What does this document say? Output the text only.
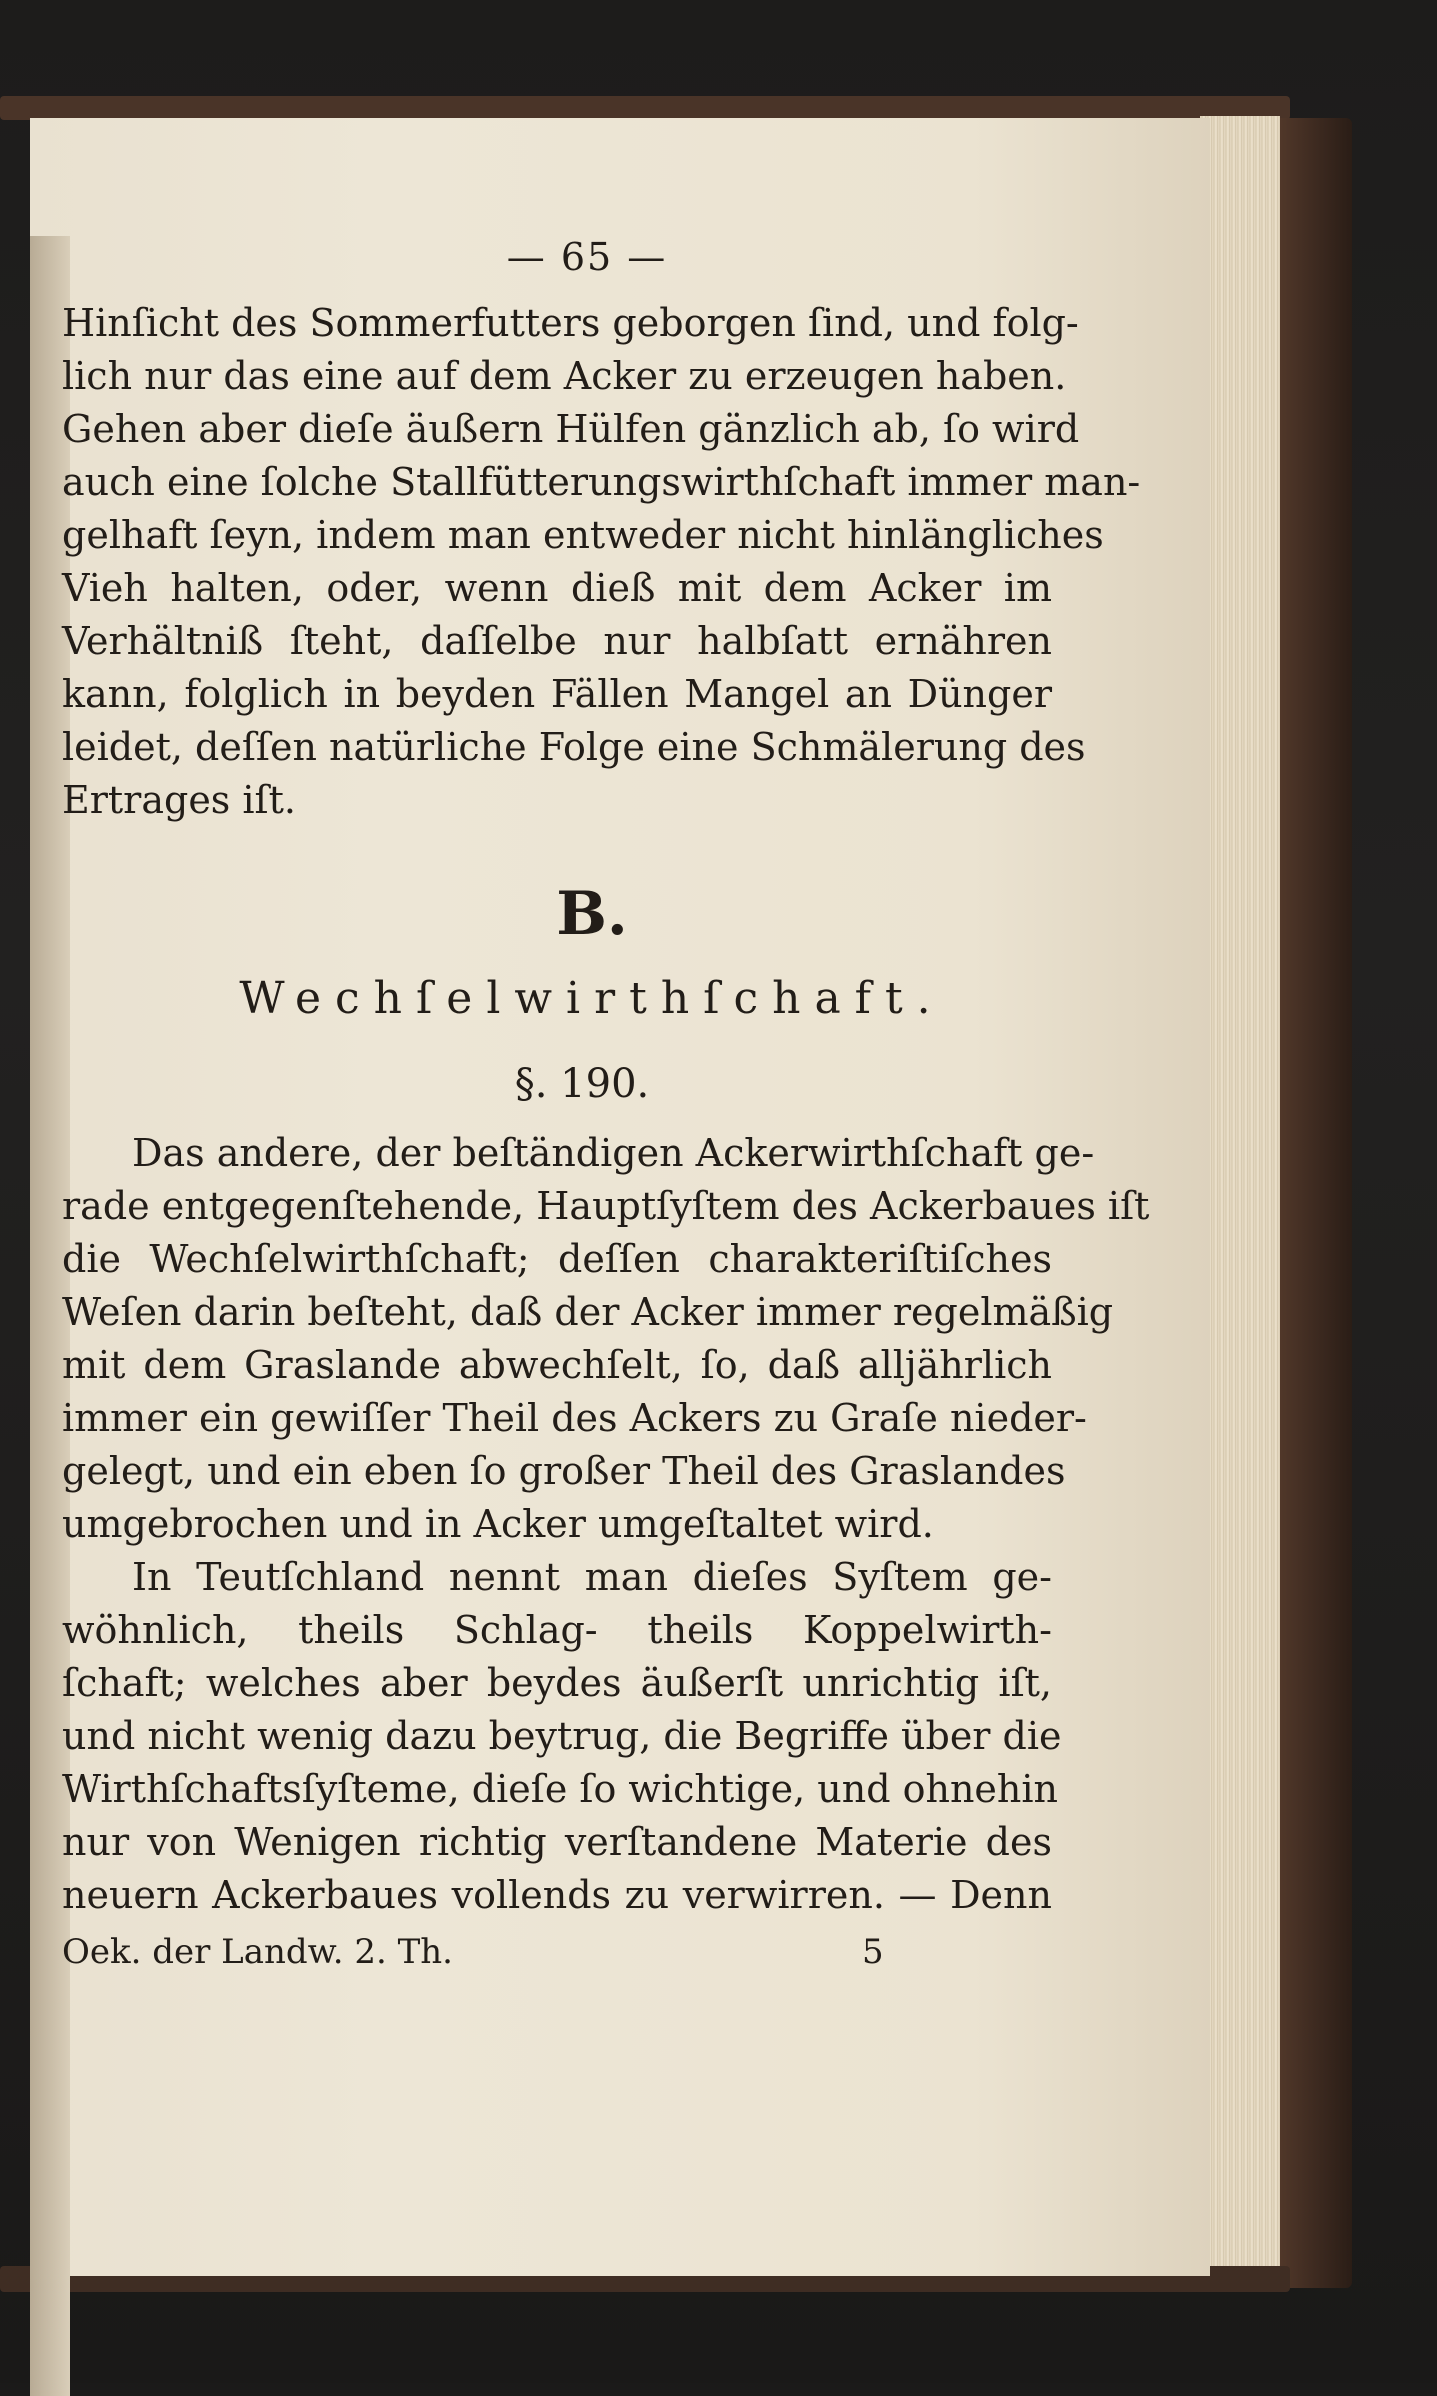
— 65 —
Hinſicht des Sommerfutters geborgen ſind, und folg-
lich nur das eine auf dem Acker zu erzeugen haben.
Gehen aber dieſe äußern Hülfen gänzlich ab, ſo wird
auch eine ſolche Stallfütterungswirthſchaft immer man-
gelhaft ſeyn, indem man entweder nicht hinlängliches
Vieh halten, oder, wenn dieß mit dem Acker im
Verhältniß ſteht, daſſelbe nur halbſatt ernähren
kann, folglich in beyden Fällen Mangel an Dünger
leidet, deſſen natürliche Folge eine Schmälerung des
Ertrages iſt.
B.
Wechſelwirthſchaft.
§. 190.
Das andere, der beſtändigen Ackerwirthſchaft ge-
rade entgegenſtehende, Hauptſyſtem des Ackerbaues iſt
die Wechſelwirthſchaft; deſſen charakteriſtiſches
Weſen darin beſteht, daß der Acker immer regelmäßig
mit dem Graslande abwechſelt, ſo, daß alljährlich
immer ein gewiſſer Theil des Ackers zu Graſe nieder-
gelegt, und ein eben ſo großer Theil des Graslandes
umgebrochen und in Acker umgeſtaltet wird.
In Teutſchland nennt man dieſes Syſtem ge-
wöhnlich, theils Schlag- theils Koppelwirth-
ſchaft; welches aber beydes äußerſt unrichtig iſt,
und nicht wenig dazu beytrug, die Begriffe über die
Wirthſchaftsſyſteme, dieſe ſo wichtige, und ohnehin
nur von Wenigen richtig verſtandene Materie des
neuern Ackerbaues vollends zu verwirren. — Denn
Oek. der Landw. 2. Th.	5
